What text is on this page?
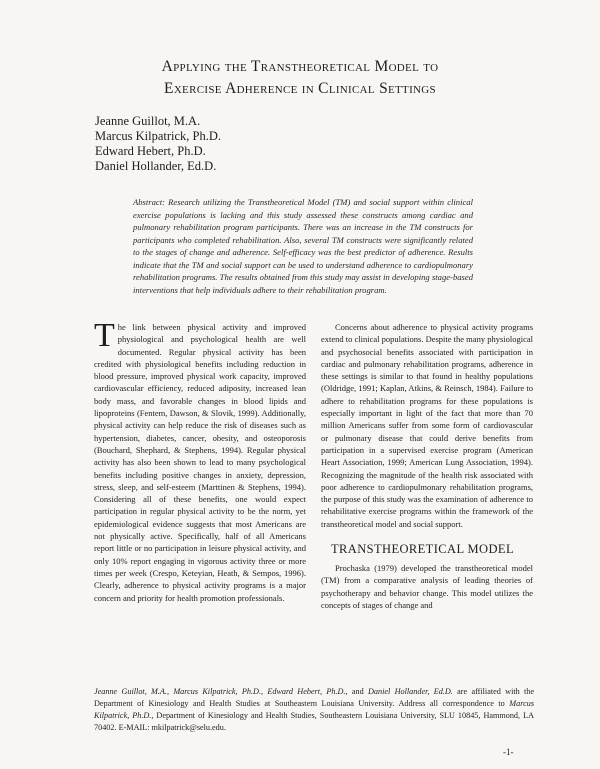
Applying the Transtheoretical Model to
Exercise Adherence in Clinical Settings
Jeanne Guillot, M.A.
Marcus Kilpatrick, Ph.D.
Edward Hebert, Ph.D.
Daniel Hollander, Ed.D.
Abstract: Research utilizing the Transtheoretical Model (TM) and social support within clinical exercise populations is lacking and this study assessed these constructs among cardiac and pulmonary rehabilitation program participants. There was an increase in the TM constructs for participants who completed rehabilitation. Also, several TM constructs were significantly related to the stages of change and adherence. Self-efficacy was the best predictor of adherence. Results indicate that the TM and social support can be used to understand adherence to cardiopulmonary rehabilitation programs. The results obtained from this study may assist in developing stage-based interventions that help individuals adhere to their rehabilitation program.

The link between physical activity and improved physiological and psychological health are well documented. Regular physical activity has been credited with physiological benefits including reduction in blood pressure, improved physical work capacity, improved cardiovascular efficiency, reduced adiposity, increased lean body mass, and favorable changes in blood lipids and lipoproteins (Fentem, Dawson, & Slovik, 1999). Additionally, physical activity can help reduce the risk of diseases such as hypertension, diabetes, cancer, obesity, and osteoporosis (Bouchard, Shephard, & Stephens, 1994). Regular physical activity has also been shown to lead to many psychological benefits including positive changes in anxiety, depression, stress, sleep, and self-esteem (Marttinen & Stephens, 1994). Considering all of these benefits, one would expect participation in regular physical activity to be the norm, yet epidemiological evidence suggests that most Americans are not physically active. Specifically, half of all Americans report little or no participation in leisure physical activity, and only 10% report engaging in vigorous activity three or more times per week (Crespo, Keteyian, Heath, & Sempos, 1996). Clearly, adherence to physical activity programs is a major concern and priority for health promotion professionals.

Concerns about adherence to physical activity programs extend to clinical populations. Despite the many physiological and psychosocial benefits associated with participation in cardiac and pulmonary rehabilitation programs, adherence in these settings is similar to that found in healthy populations (Oldridge, 1991; Kaplan, Atkins, & Reinsch, 1984). Failure to adhere to rehabilitation programs for these populations is especially important in light of the fact that more than 70 million Americans suffer from some form of cardiovascular or pulmonary disease that could derive benefits from participation in a supervised exercise program (American Heart Association, 1999; American Lung Association, 1994). Recognizing the magnitude of the health risk associated with poor adherence to cardiopulmonary rehabilitation programs, the purpose of this study was the examination of adherence to rehabilitative exercise programs within the framework of the transtheoretical model and social support.

TRANSTHEORETICAL MODEL

Prochaska (1979) developed the transtheoretical model (TM) from a comparative analysis of leading theories of psychotherapy and behavior change. This model utilizes the concepts of stages of change and

Jeanne Guillot, M.A., Marcus Kilpatrick, Ph.D., Edward Hebert, Ph.D., and Daniel Hollander, Ed.D. are affiliated with the Department of Kinesiology and Health Studies at Southeastern Louisiana University. Address all correspondence to Marcus Kilpatrick, Ph.D., Department of Kinesiology and Health Studies, Southeastern Louisiana University, SLU 10845, Hammond, LA 70402. E-MAIL: mkilpatrick@selu.edu.
-1-
